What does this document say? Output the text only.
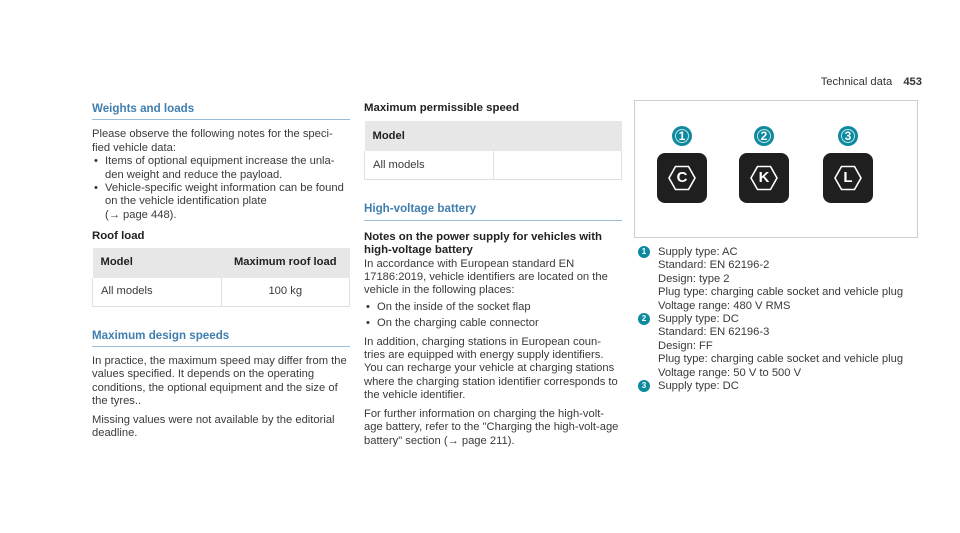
Technical data 453
Weights and loads

Please observe the following notes for the speci-fied vehicle data:

• Items of optional equipment increase the unla-den weight and reduce the payload.
• Vehicle-specific weight information can be found on the vehicle identification plate
(→ page 448).
Roof load
Model	Maximum roof load
All models	100 kg
Maximum design speeds

In practice, the maximum speed may differ from the values specified. It depends on the operating conditions, the optional equipment and the size of the tyres..

Missing values were not available by the editorial deadline.

Maximum permissible speed
Model	
All models	
High-voltage battery
Notes on the power supply for vehicles with high-voltage battery

In accordance with European standard EN 17186:2019, vehicle identifiers are located on the vehicle in the following places:

• On the inside of the socket flap
• On the charging cable connector

In addition, charging stations in European coun-tries are equipped with energy supply identifiers. You can recharge your vehicle at charging stations where the charging station identifier corresponds to the vehicle identifier.

For further information on charging the high-volt-age battery, refer to the "Charging the high-volt-age battery" section (→ page 211).

1
C
2
K
3
L
1	Supply type: AC
Standard: EN 62196-2
Design: type 2
Plug type: charging cable socket and vehicle plug
Voltage range: 480 V RMS
2	Supply type: DC
Standard: EN 62196-3
Design: FF
Plug type: charging cable socket and vehicle plug
Voltage range: 50 V to 500 V
3	Supply type: DC
